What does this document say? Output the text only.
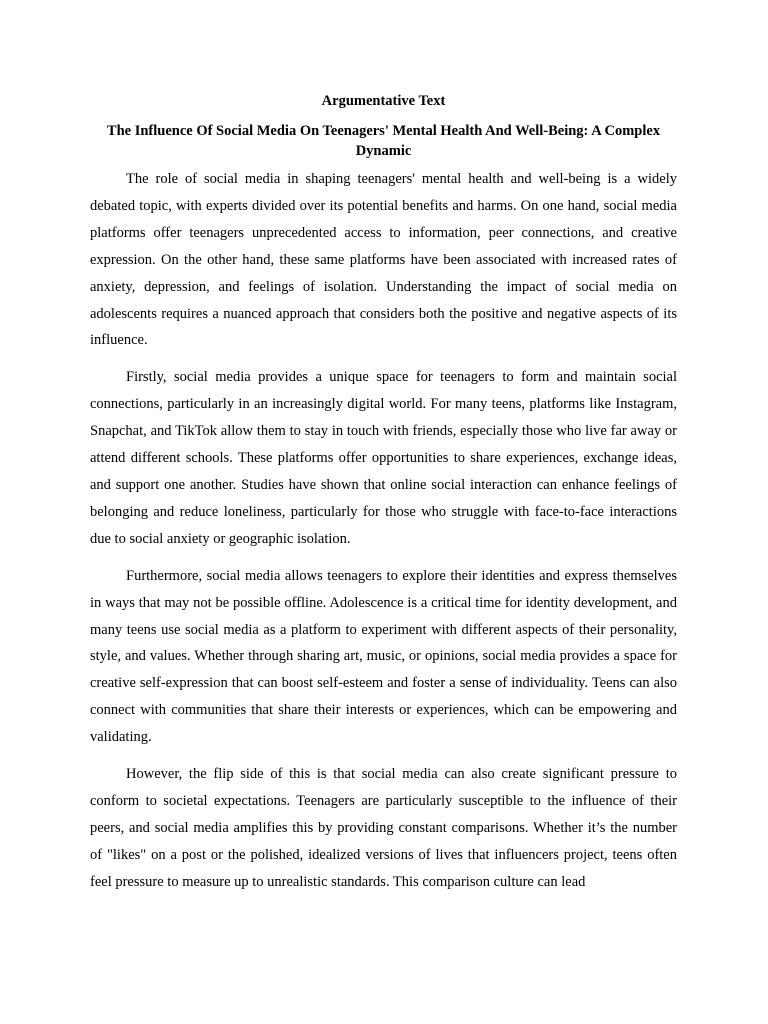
Argumentative Text
The Influence Of Social Media On Teenagers' Mental Health And Well-Being: A Complex Dynamic

The role of social media in shaping teenagers' mental health and well-being is a widely debated topic, with experts divided over its potential benefits and harms. On one hand, social media platforms offer teenagers unprecedented access to information, peer connections, and creative expression. On the other hand, these same platforms have been associated with increased rates of anxiety, depression, and feelings of isolation. Understanding the impact of social media on adolescents requires a nuanced approach that considers both the positive and negative aspects of its influence.

Firstly, social media provides a unique space for teenagers to form and maintain social connections, particularly in an increasingly digital world. For many teens, platforms like Instagram, Snapchat, and TikTok allow them to stay in touch with friends, especially those who live far away or attend different schools. These platforms offer opportunities to share experiences, exchange ideas, and support one another. Studies have shown that online social interaction can enhance feelings of belonging and reduce loneliness, particularly for those who struggle with face-to-face interactions due to social anxiety or geographic isolation.

Furthermore, social media allows teenagers to explore their identities and express themselves in ways that may not be possible offline. Adolescence is a critical time for identity development, and many teens use social media as a platform to experiment with different aspects of their personality, style, and values. Whether through sharing art, music, or opinions, social media provides a space for creative self-expression that can boost self-esteem and foster a sense of individuality. Teens can also connect with communities that share their interests or experiences, which can be empowering and validating.

However, the flip side of this is that social media can also create significant pressure to conform to societal expectations. Teenagers are particularly susceptible to the influence of their peers, and social media amplifies this by providing constant comparisons. Whether it’s the number of "likes" on a post or the polished, idealized versions of lives that influencers project, teens often feel pressure to measure up to unrealistic standards. This comparison culture can lead
